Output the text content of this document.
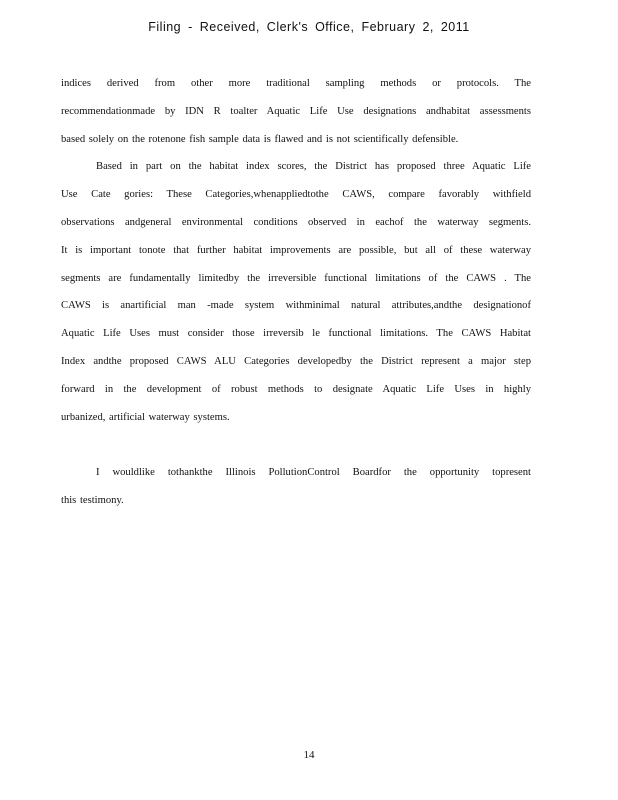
Filing - Received, Clerk's Office, February 2, 2011
indices derived from other more traditional sampling methods or protocols. The
recommendationmade by IDN R toalter Aquatic Life Use designations andhabitat assessments
based solely on the rotenone fish sample data is flawed and is not scientifically defensible.
Based in part on the habitat index scores, the District has proposed three Aquatic Life
Use Cate gories: These Categories,whenappliedtothe CAWS, compare favorably withfield
observations andgeneral environmental conditions observed in eachof the waterway segments.
It is important tonote that further habitat improvements are possible, but all of these waterway
segments are fundamentally limitedby the irreversible functional limitations of the CAWS . The
CAWS is anartificial man -made system withminimal natural attributes,andthe designationof
Aquatic Life Uses must consider those irreversib le functional limitations. The CAWS Habitat
Index andthe proposed CAWS ALU Categories developedby the District represent a major step
forward in the development of robust methods to designate Aquatic Life Uses in highly
urbanized, artificial waterway systems.
I wouldlike tothankthe Illinois PollutionControl Boardfor the opportunity topresent
this testimony.
14
